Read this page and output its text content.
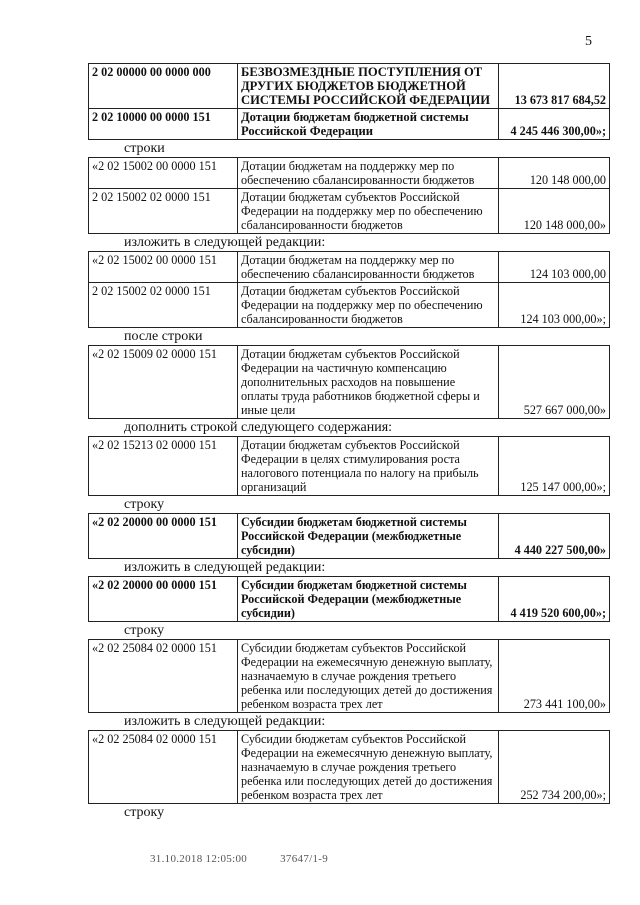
5
2 02 00000 00 0000 000	БЕЗВОЗМЕЗДНЫЕ ПОСТУПЛЕНИЯ ОТ ДРУГИХ БЮДЖЕТОВ БЮДЖЕТНОЙ СИСТЕМЫ РОССИЙСКОЙ ФЕДЕРАЦИИ	13 673 817 684,52
2 02 10000 00 0000 151	Дотации бюджетам бюджетной системы Российской Федерации	4 245 446 300,00»;
строки
«2 02 15002 00 0000 151	Дотации бюджетам на поддержку мер по обеспечению сбалансированности бюджетов	120 148 000,00
2 02 15002 02 0000 151	Дотации бюджетам субъектов Российской Федерации на поддержку мер по обеспечению сбалансированности бюджетов	120 148 000,00»
изложить в следующей редакции:
«2 02 15002 00 0000 151	Дотации бюджетам на поддержку мер по обеспечению сбалансированности бюджетов	124 103 000,00
2 02 15002 02 0000 151	Дотации бюджетам субъектов Российской Федерации на поддержку мер по обеспечению сбалансированности бюджетов	124 103 000,00»;
после строки
«2 02 15009 02 0000 151	Дотации бюджетам субъектов Российской Федерации на частичную компенсацию дополнительных расходов на повышение оплаты труда работников бюджетной сферы и иные цели	527 667 000,00»
дополнить строкой следующего содержания:
«2 02 15213 02 0000 151	Дотации бюджетам субъектов Российской Федерации в целях стимулирования роста налогового потенциала по налогу на прибыль организаций	125 147 000,00»;
строку
«2 02 20000 00 0000 151	Субсидии бюджетам бюджетной системы Российской Федерации (межбюджетные субсидии)	4 440 227 500,00»
изложить в следующей редакции:
«2 02 20000 00 0000 151	Субсидии бюджетам бюджетной системы Российской Федерации (межбюджетные субсидии)	4 419 520 600,00»;
строку
«2 02 25084 02 0000 151	Субсидии бюджетам субъектов Российской Федерации на ежемесячную денежную выплату, назначаемую в случае рождения третьего ребенка или последующих детей до достижения ребенком возраста трех лет	273 441 100,00»
изложить в следующей редакции:
«2 02 25084 02 0000 151	Субсидии бюджетам субъектов Российской Федерации на ежемесячную денежную выплату, назначаемую в случае рождения третьего ребенка или последующих детей до достижения ребенком возраста трех лет	252 734 200,00»;
строку
31.10.2018 12:05:00	37647/1-9
